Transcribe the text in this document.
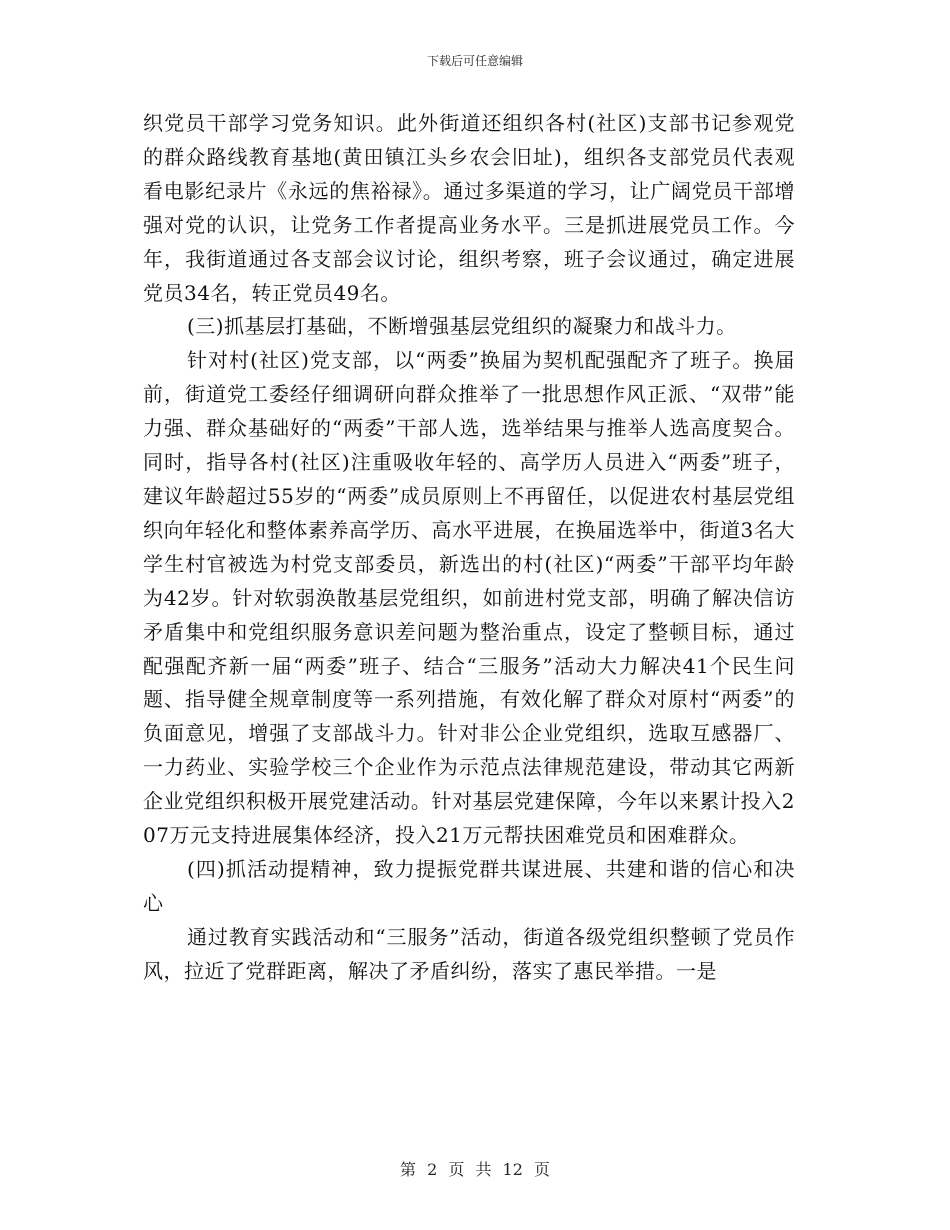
下载后可任意编辑

织党员干部学习党务知识。此外街道还组织各村(社区)支部书记参观党的群众路线教育基地(黄田镇江头乡农会旧址)，组织各支部党员代表观看电影纪录片《永远的焦裕禄》。通过多渠道的学习，让广阔党员干部增强对党的认识，让党务工作者提高业务水平。三是抓进展党员工作。今年，我街道通过各支部会议讨论，组织考察，班子会议通过，确定进展党员34名，转正党员49名。

(三)抓基层打基础，不断增强基层党组织的凝聚力和战斗力。

针对村(社区)党支部，以“两委”换届为契机配强配齐了班子。换届前，街道党工委经仔细调研向群众推举了一批思想作风正派、“双带”能力强、群众基础好的“两委”干部人选，选举结果与推举人选高度契合。同时，指导各村(社区)注重吸收年轻的、高学历人员进入“两委”班子，建议年龄超过55岁的“两委”成员原则上不再留任，以促进农村基层党组织向年轻化和整体素养高学历、高水平进展，在换届选举中，街道3名大学生村官被选为村党支部委员，新选出的村(社区)“两委”干部平均年龄为42岁。针对软弱涣散基层党组织，如前进村党支部，明确了解决信访矛盾集中和党组织服务意识差问题为整治重点，设定了整顿目标，通过配强配齐新一届“两委”班子、结合“三服务”活动大力解决41个民生问题、指导健全规章制度等一系列措施，有效化解了群众对原村“两委”的负面意见，增强了支部战斗力。针对非公企业党组织，选取互感器厂、一力药业、实验学校三个企业作为示范点法律规范建设，带动其它两新企业党组织积极开展党建活动。针对基层党建保障，今年以来累计投入207万元支持进展集体经济，投入21万元帮扶困难党员和困难群众。

(四)抓活动提精神，致力提振党群共谋进展、共建和谐的信心和决心

通过教育实践活动和“三服务”活动，街道各级党组织整顿了党员作风，拉近了党群距离，解决了矛盾纠纷，落实了惠民举措。一是

第 2 页 共 12 页
